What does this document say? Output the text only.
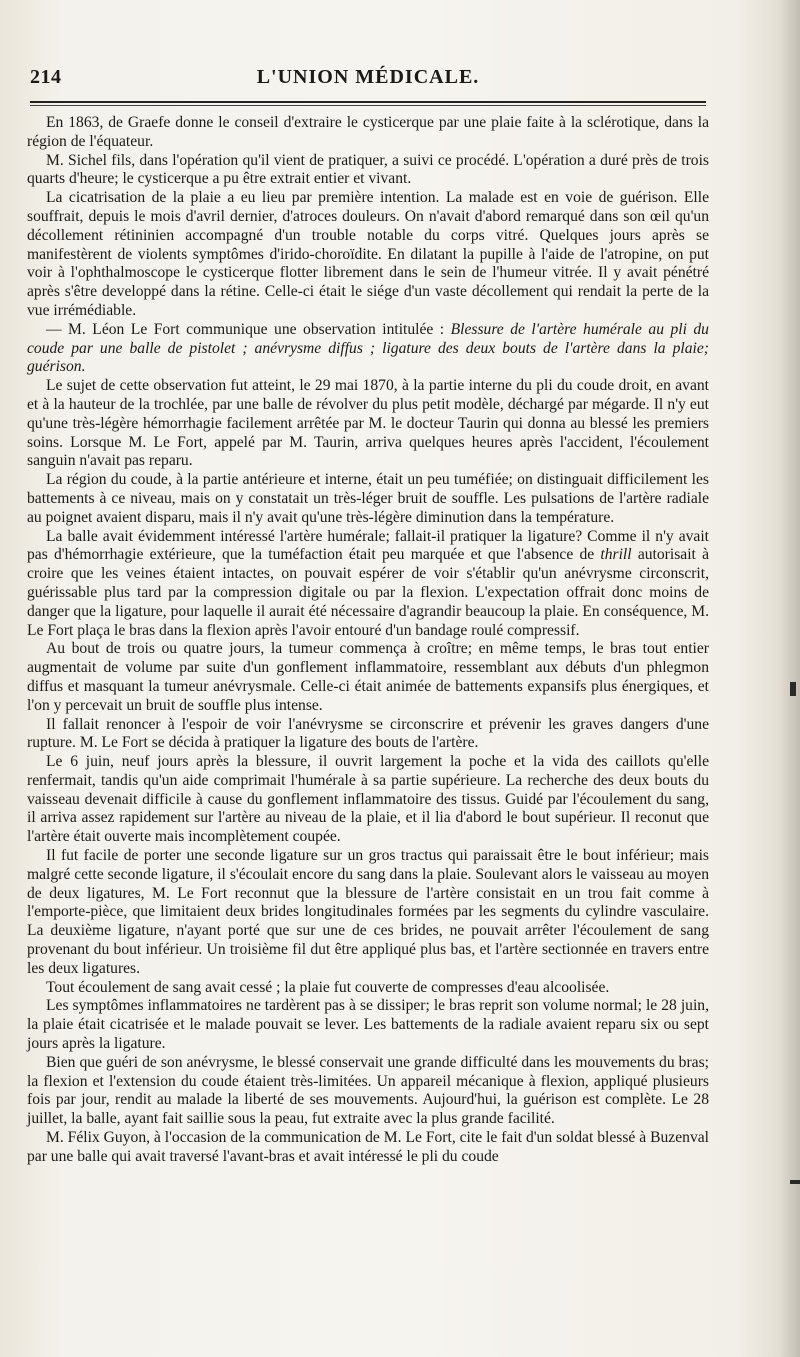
214	L'UNION MÉDICALE.

En 1863, de Graefe donne le conseil d'extraire le cysticerque par une plaie faite à la sclérotique, dans la région de l'équateur.

M. Sichel fils, dans l'opération qu'il vient de pratiquer, a suivi ce procédé. L'opération a duré près de trois quarts d'heure; le cysticerque a pu être extrait entier et vivant.

La cicatrisation de la plaie a eu lieu par première intention. La malade est en voie de guérison. Elle souffrait, depuis le mois d'avril dernier, d'atroces douleurs. On n'avait d'abord remarqué dans son œil qu'un décollement rétininien accompagné d'un trouble notable du corps vitré. Quelques jours après se manifestèrent de violents symptômes d'irido-choroïdite. En dilatant la pupille à l'aide de l'atropine, on put voir à l'ophthalmoscope le cysticerque flotter librement dans le sein de l'humeur vitrée. Il y avait pénétré après s'être developpé dans la rétine. Celle-ci était le siége d'un vaste décollement qui rendait la perte de la vue irrémédiable.

— M. Léon Le Fort communique une observation intitulée : Blessure de l'artère humérale au pli du coude par une balle de pistolet ; anévrysme diffus ; ligature des deux bouts de l'artère dans la plaie; guérison.

Le sujet de cette observation fut atteint, le 29 mai 1870, à la partie interne du pli du coude droit, en avant et à la hauteur de la trochlée, par une balle de révolver du plus petit modèle, déchargé par mégarde. Il n'y eut qu'une très-légère hémorrhagie facilement arrêtée par M. le docteur Taurin qui donna au blessé les premiers soins. Lorsque M. Le Fort, appelé par M. Taurin, arriva quelques heures après l'accident, l'écoulement sanguin n'avait pas reparu.

La région du coude, à la partie antérieure et interne, était un peu tuméfiée; on distinguait difficilement les battements à ce niveau, mais on y constatait un très-léger bruit de souffle. Les pulsations de l'artère radiale au poignet avaient disparu, mais il n'y avait qu'une très-légère diminution dans la température.

La balle avait évidemment intéressé l'artère humérale; fallait-il pratiquer la ligature? Comme il n'y avait pas d'hémorrhagie extérieure, que la tuméfaction était peu marquée et que l'absence de thrill autorisait à croire que les veines étaient intactes, on pouvait espérer de voir s'établir qu'un anévrysme circonscrit, guérissable plus tard par la compression digitale ou par la flexion. L'expectation offrait donc moins de danger que la ligature, pour laquelle il aurait été nécessaire d'agrandir beaucoup la plaie. En conséquence, M. Le Fort plaça le bras dans la flexion après l'avoir entouré d'un bandage roulé compressif.

Au bout de trois ou quatre jours, la tumeur commença à croître; en même temps, le bras tout entier augmentait de volume par suite d'un gonflement inflammatoire, ressemblant aux débuts d'un phlegmon diffus et masquant la tumeur anévrysmale. Celle-ci était animée de battements expansifs plus énergiques, et l'on y percevait un bruit de souffle plus intense.

Il fallait renoncer à l'espoir de voir l'anévrysme se circonscrire et prévenir les graves dangers d'une rupture. M. Le Fort se décida à pratiquer la ligature des bouts de l'artère.

Le 6 juin, neuf jours après la blessure, il ouvrit largement la poche et la vida des caillots qu'elle renfermait, tandis qu'un aide comprimait l'humérale à sa partie supérieure. La recherche des deux bouts du vaisseau devenait difficile à cause du gonflement inflammatoire des tissus. Guidé par l'écoulement du sang, il arriva assez rapidement sur l'artère au niveau de la plaie, et il lia d'abord le bout supérieur. Il reconut que l'artère était ouverte mais incomplètement coupée.

Il fut facile de porter une seconde ligature sur un gros tractus qui paraissait être le bout inférieur; mais malgré cette seconde ligature, il s'écoulait encore du sang dans la plaie. Soulevant alors le vaisseau au moyen de deux ligatures, M. Le Fort reconnut que la blessure de l'artère consistait en un trou fait comme à l'emporte-pièce, que limitaient deux brides longitudinales formées par les segments du cylindre vasculaire. La deuxième ligature, n'ayant porté que sur une de ces brides, ne pouvait arrêter l'écoulement de sang provenant du bout inférieur. Un troisième fil dut être appliqué plus bas, et l'artère sectionnée en travers entre les deux ligatures.

Tout écoulement de sang avait cessé ; la plaie fut couverte de compresses d'eau alcoolisée.

Les symptômes inflammatoires ne tardèrent pas à se dissiper; le bras reprit son volume normal; le 28 juin, la plaie était cicatrisée et le malade pouvait se lever. Les battements de la radiale avaient reparu six ou sept jours après la ligature.

Bien que guéri de son anévrysme, le blessé conservait une grande difficulté dans les mouvements du bras; la flexion et l'extension du coude étaient très-limitées. Un appareil mécanique à flexion, appliqué plusieurs fois par jour, rendit au malade la liberté de ses mouvements. Aujourd'hui, la guérison est complète. Le 28 juillet, la balle, ayant fait saillie sous la peau, fut extraite avec la plus grande facilité.

M. Félix Guyon, à l'occasion de la communication de M. Le Fort, cite le fait d'un soldat blessé à Buzenval par une balle qui avait traversé l'avant-bras et avait intéressé le pli du coude
